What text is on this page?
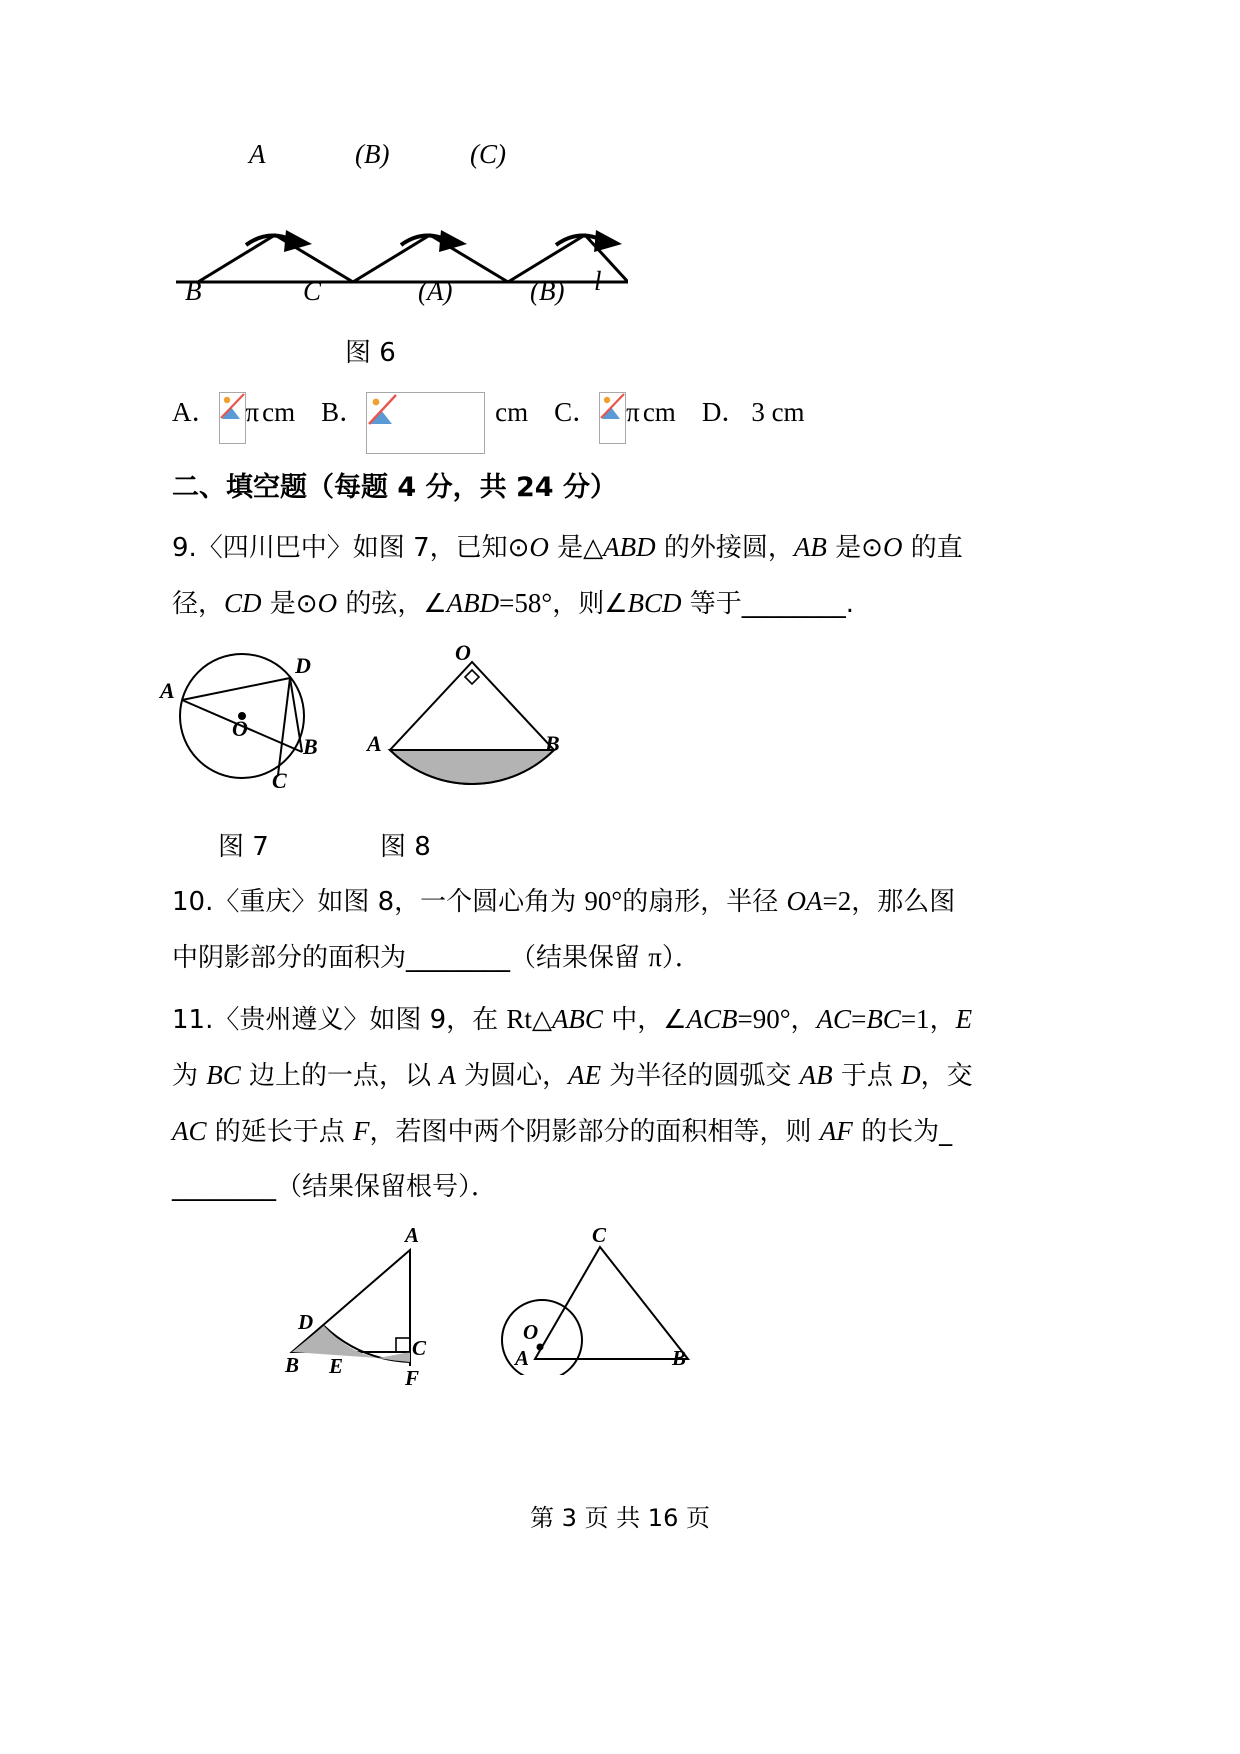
A	(B)	(C)
B	C	(A)	(B) l
图 6
A． π cm B．	cm C． π cm D． 3 cm
二、填空题（每题 4 分，共 24 分）
9.〈四川巴中〉如图 7，已知⊙O 是△ABD 的外接圆，AB 是⊙O 的直
径，CD 是⊙O 的弦，∠ABD=58°，则∠BCD 等于________.
A
D
O
B
C
O
A	B
图 7	图 8
10.〈重庆〉如图 8，一个圆心角为 90°的扇形，半径 OA=2，那么图
中阴影部分的面积为________（结果保留 π）．
11.〈贵州遵义〉如图 9，在 Rt△ABC 中，∠ACB=90°，AC=BC=1，E
为 BC 边上的一点，以 A 为圆心，AE 为半径的圆弧交 AB 于点 D，交
AC 的延长于点 F，若图中两个阴影部分的面积相等，则 AF 的长为_
________（结果保留根号）．
A
D
B E
C
F
C
O
A	B
第 3 页 共 16 页
